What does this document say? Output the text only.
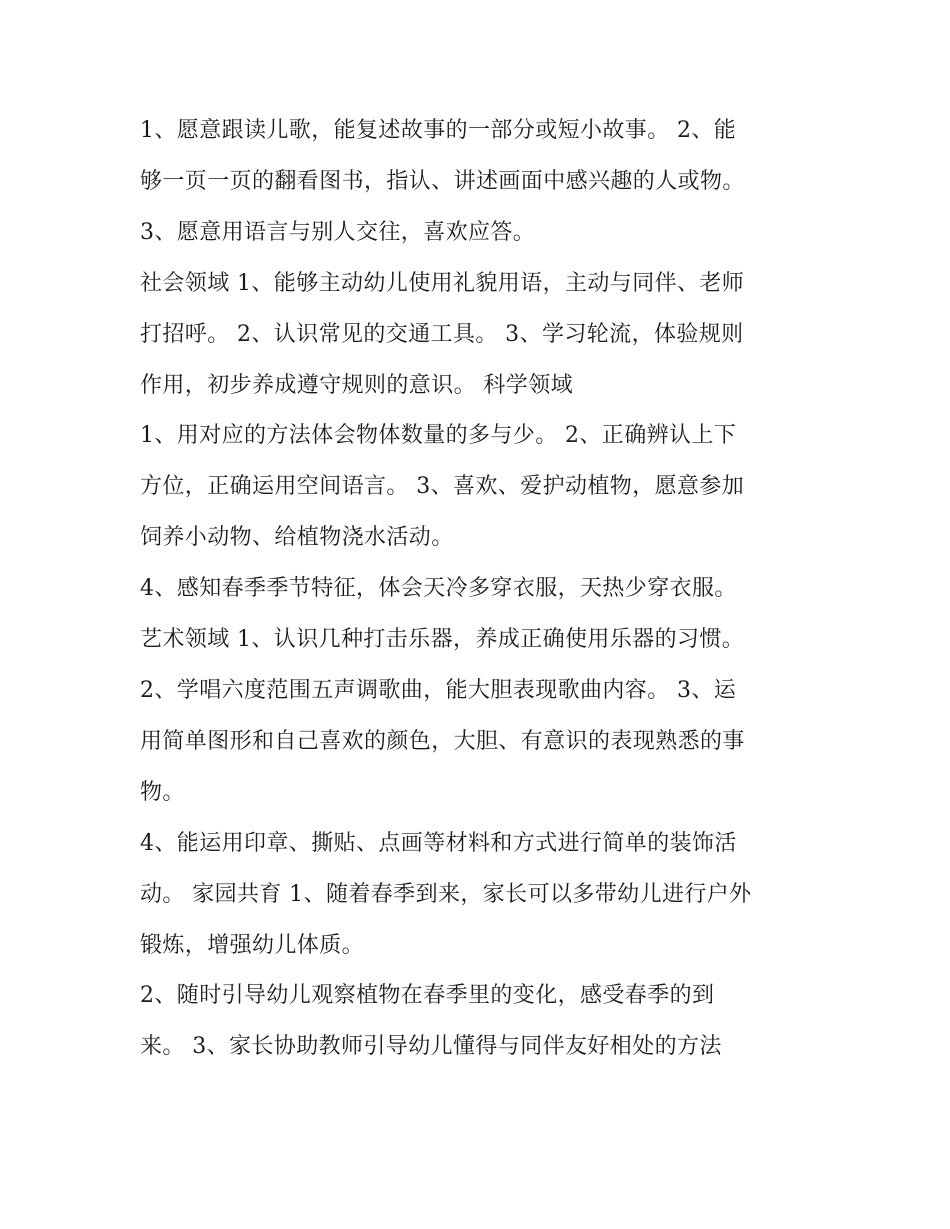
1、愿意跟读儿歌，能复述故事的一部分或短小故事。 2、能
够一页一页的翻看图书，指认、讲述画面中感兴趣的人或物。
3、愿意用语言与别人交往，喜欢应答。
社会领域 1、能够主动幼儿使用礼貌用语，主动与同伴、老师
打招呼。 2、认识常见的交通工具。 3、学习轮流，体验规则
作用，初步养成遵守规则的意识。 科学领域
1、用对应的方法体会物体数量的多与少。 2、正确辨认上下
方位，正确运用空间语言。 3、喜欢、爱护动植物，愿意参加
饲养小动物、给植物浇水活动。
4、感知春季季节特征，体会天冷多穿衣服，天热少穿衣服。
艺术领域 1、认识几种打击乐器，养成正确使用乐器的习惯。
2、学唱六度范围五声调歌曲，能大胆表现歌曲内容。 3、运
用简单图形和自己喜欢的颜色，大胆、有意识的表现熟悉的事
物。
4、能运用印章、撕贴、点画等材料和方式进行简单的装饰活
动。 家园共育 1、随着春季到来，家长可以多带幼儿进行户外
锻炼，增强幼儿体质。
2、随时引导幼儿观察植物在春季里的变化，感受春季的到
来。 3、家长协助教师引导幼儿懂得与同伴友好相处的方法
